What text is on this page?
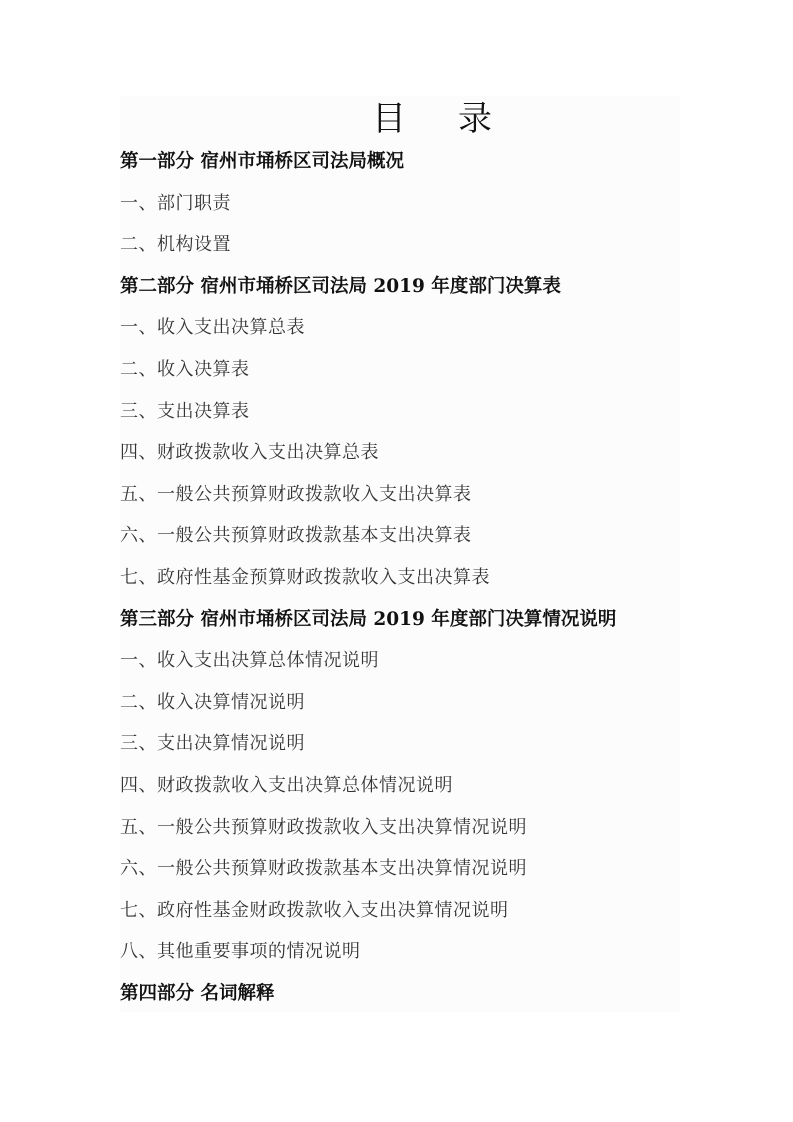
目录
第一部分 宿州市埇桥区司法局概况
一、部门职责
二、机构设置
第二部分 宿州市埇桥区司法局 2019 年度部门决算表
一、收入支出决算总表
二、收入决算表
三、支出决算表
四、财政拨款收入支出决算总表
五、一般公共预算财政拨款收入支出决算表
六、一般公共预算财政拨款基本支出决算表
七、政府性基金预算财政拨款收入支出决算表
第三部分 宿州市埇桥区司法局 2019 年度部门决算情况说明
一、收入支出决算总体情况说明
二、收入决算情况说明
三、支出决算情况说明
四、财政拨款收入支出决算总体情况说明
五、一般公共预算财政拨款收入支出决算情况说明
六、一般公共预算财政拨款基本支出决算情况说明
七、政府性基金财政拨款收入支出决算情况说明
八、其他重要事项的情况说明
第四部分 名词解释
